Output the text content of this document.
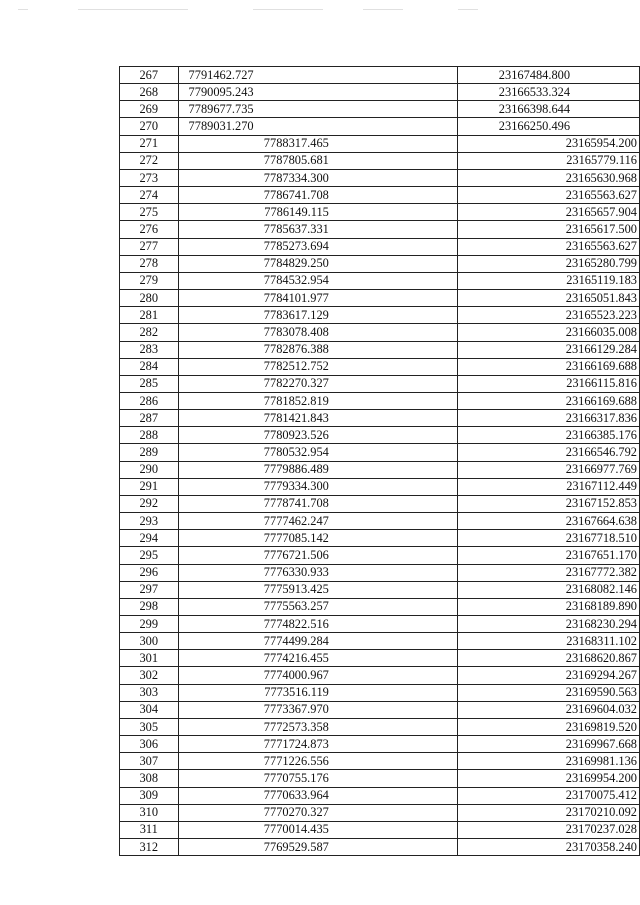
267	7791462.727	23167484.800
268	7790095.243	23166533.324
269	7789677.735	23166398.644
270	7789031.270	23166250.496
271	7788317.465	23165954.200
272	7787805.681	23165779.116
273	7787334.300	23165630.968
274	7786741.708	23165563.627
275	7786149.115	23165657.904
276	7785637.331	23165617.500
277	7785273.694	23165563.627
278	7784829.250	23165280.799
279	7784532.954	23165119.183
280	7784101.977	23165051.843
281	7783617.129	23165523.223
282	7783078.408	23166035.008
283	7782876.388	23166129.284
284	7782512.752	23166169.688
285	7782270.327	23166115.816
286	7781852.819	23166169.688
287	7781421.843	23166317.836
288	7780923.526	23166385.176
289	7780532.954	23166546.792
290	7779886.489	23166977.769
291	7779334.300	23167112.449
292	7778741.708	23167152.853
293	7777462.247	23167664.638
294	7777085.142	23167718.510
295	7776721.506	23167651.170
296	7776330.933	23167772.382
297	7775913.425	23168082.146
298	7775563.257	23168189.890
299	7774822.516	23168230.294
300	7774499.284	23168311.102
301	7774216.455	23168620.867
302	7774000.967	23169294.267
303	7773516.119	23169590.563
304	7773367.970	23169604.032
305	7772573.358	23169819.520
306	7771724.873	23169967.668
307	7771226.556	23169981.136
308	7770755.176	23169954.200
309	7770633.964	23170075.412
310	7770270.327	23170210.092
311	7770014.435	23170237.028
312	7769529.587	23170358.240
